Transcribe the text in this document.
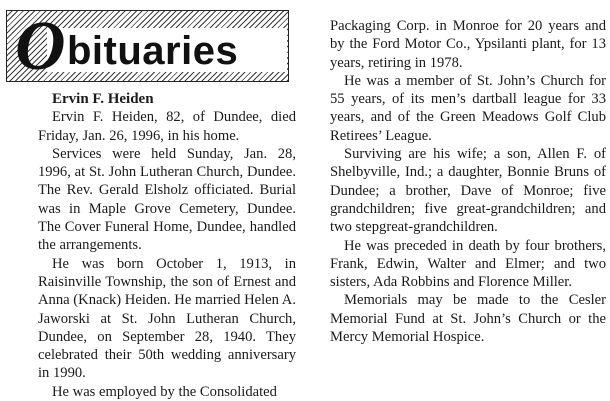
O bituaries

Ervin F. Heiden

Ervin F. Heiden, 82, of Dundee, died Friday, Jan. 26, 1996, in his home.

Services were held Sunday, Jan. 28, 1996, at St. John Lutheran Church, Dundee. The Rev. Gerald Elsholz officiated. Burial was in Maple Grove Cemetery, Dundee. The Cover Funeral Home, Dundee, handled the arrangements.

He was born October 1, 1913, in Raisinville Township, the son of Ernest and Anna (Knack) Heiden. He married Helen A. Jaworski at St. John Lutheran Church, Dundee, on September 28, 1940. They celebrated their 50th wedding anniversary in 1990.

He was employed by the Consolidated

Packaging Corp. in Monroe for 20 years and by the Ford Motor Co., Ypsilanti plant, for 13 years, retiring in 1978.

He was a member of St. John’s Church for 55 years, of its men’s dartball league for 33 years, and of the Green Meadows Golf Club Retirees’ League.

Surviving are his wife; a son, Allen F. of Shelbyville, Ind.; a daughter, Bonnie Bruns of Dundee; a brother, Dave of Monroe; five grandchildren; five great-grandchildren; and two stepgreat-grandchildren.

He was preceded in death by four brothers, Frank, Edwin, Walter and Elmer; and two sisters, Ada Robbins and Florence Miller.

Memorials may be made to the Cesler Memorial Fund at St. John’s Church or the Mercy Memorial Hospice.
